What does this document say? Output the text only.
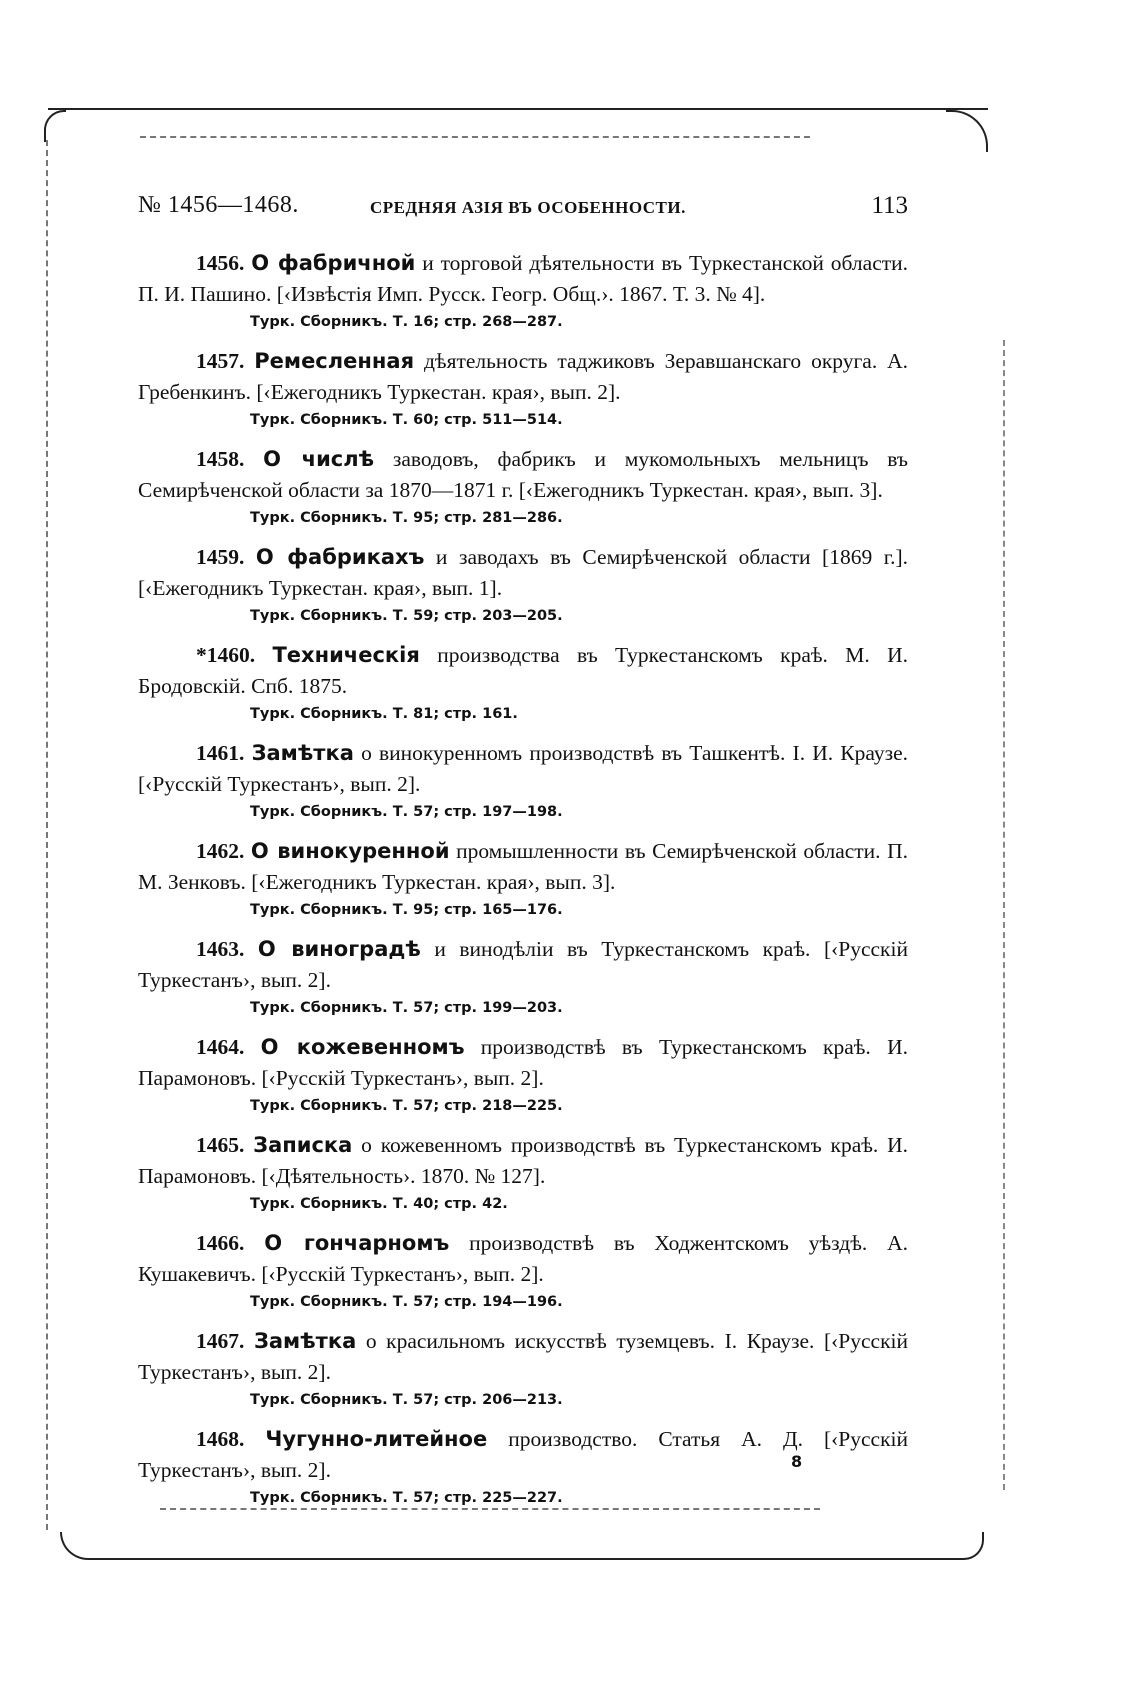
№ 1456—1468.	СРЕДНЯЯ АЗІЯ ВЪ ОСОБЕННОСТИ.	113
1456. О фабричной и торговой дѣятельности въ Туркестанской области. П. И. Пашино. [‹Извѣстія Имп. Русск. Геогр. Общ.›. 1867. Т. 3. № 4].
Турк. Сборникъ. Т. 16; стр. 268—287.
1457. Ремесленная дѣятельность таджиковъ Зеравшанскаго округа. А. Гребенкинъ. [‹Ежегодникъ Туркестан. края›, вып. 2].
Турк. Сборникъ. Т. 60; стр. 511—514.
1458. О числѣ заводовъ, фабрикъ и мукомольныхъ мельницъ въ Семирѣченской области за 1870—1871 г. [‹Ежегодникъ Туркестан. края›, вып. 3].
Турк. Сборникъ. Т. 95; стр. 281—286.
1459. О фабрикахъ и заводахъ въ Семирѣченской области [1869 г.]. [‹Ежегодникъ Туркестан. края›, вып. 1].
Турк. Сборникъ. Т. 59; стр. 203—205.
*1460. Техническія производства въ Туркестанскомъ краѣ. М. И. Бродовскій. Спб. 1875.
Турк. Сборникъ. Т. 81; стр. 161.
1461. Замѣтка о винокуренномъ производствѣ въ Ташкентѣ. I. И. Краузе. [‹Русскій Туркестанъ›, вып. 2].
Турк. Сборникъ. Т. 57; стр. 197—198.
1462. О винокуренной промышленности въ Семирѣченской области. П. М. Зенковъ. [‹Ежегодникъ Туркестан. края›, вып. 3].
Турк. Сборникъ. Т. 95; стр. 165—176.
1463. О виноградѣ и винодѣліи въ Туркестанскомъ краѣ. [‹Русскій Туркестанъ›, вып. 2].
Турк. Сборникъ. Т. 57; стр. 199—203.
1464. О кожевенномъ производствѣ въ Туркестанскомъ краѣ. И. Парамоновъ. [‹Русскій Туркестанъ›, вып. 2].
Турк. Сборникъ. Т. 57; стр. 218—225.
1465. Записка о кожевенномъ производствѣ въ Туркестанскомъ краѣ. И. Парамоновъ. [‹Дѣятельность›. 1870. № 127].
Турк. Сборникъ. Т. 40; стр. 42.
1466. О гончарномъ производствѣ въ Ходжентскомъ уѣздѣ. А. Кушакевичъ. [‹Русскій Туркестанъ›, вып. 2].
Турк. Сборникъ. Т. 57; стр. 194—196.
1467. Замѣтка о красильномъ искусствѣ туземцевъ. I. Краузе. [‹Русскій Туркестанъ›, вып. 2].
Турк. Сборникъ. Т. 57; стр. 206—213.
1468. Чугунно-литейное производство. Статья А. Д. [‹Русскій Туркестанъ›, вып. 2].
Турк. Сборникъ. Т. 57; стр. 225—227.
8
